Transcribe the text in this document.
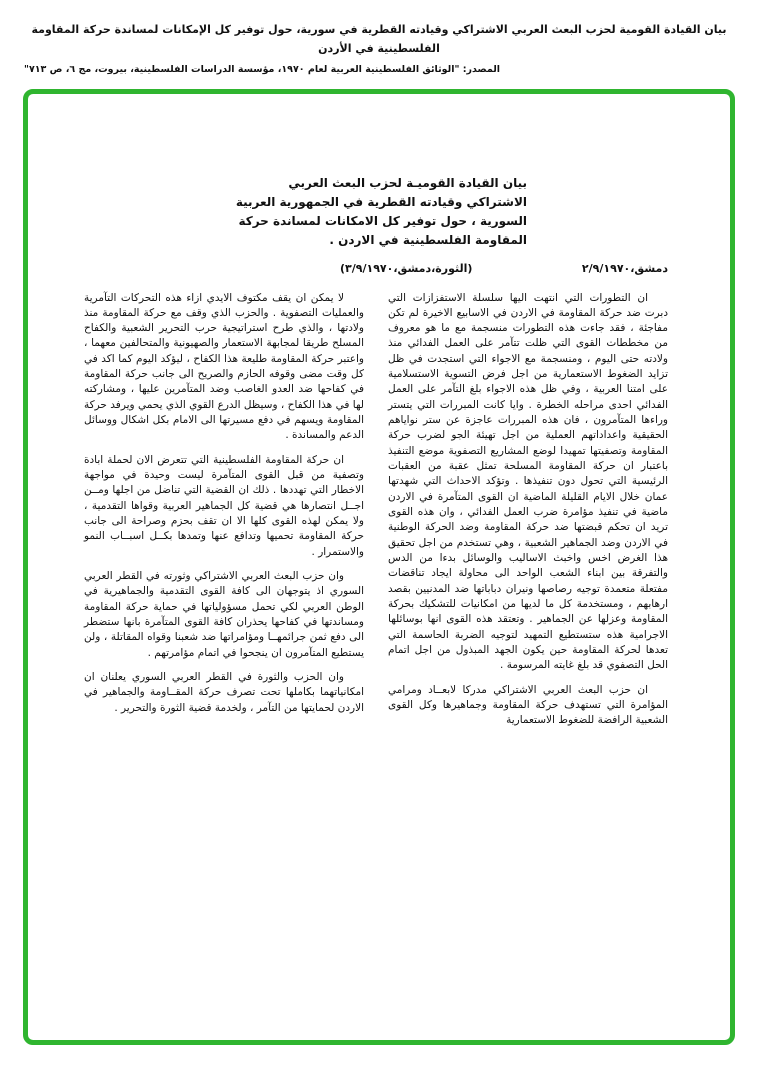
بيان القيادة القومية لحزب البعث العربي الاشتراكي وقيادته القطرية في سورية، حول توفير كل الإمكانات لمساندة حركة المقاومة الفلسطينية في الأردن
المصدر: "الوثائق الفلسطينية العربية لعام ١٩٧٠، مؤسسة الدراسات الفلسطينية، بيروت، مج ٦، ص ٧١٣"
بيان القيادة القوميـة لحزب البعث العربي الاشتراكي وقيادته القطرية في الجمهورية العربية السورية ، حول توفير كل الامكانات لمساندة حركة المقاومة الفلسطينية في الاردن .
دمشق،٢/٩/١٩٧٠
(الثورة،دمشق،٣/٩/١٩٧٠)

ان التطورات التي انتهت اليها سلسلة الاستفزازات التي دبرت ضد حركة المقاومة في الاردن في الاسابيع الاخيرة لم تكن مفاجئة ، فقد جاءت هذه التطورات منسجمة مع ما هو معروف من مخططات القوى التي ظلت تتآمر على العمل الفدائي منذ ولادته حتى اليوم ، ومنسجمة مع الاجواء التي استجدت في ظل تزايد الضغوط الاستعمارية من اجل فرض التسوية الاستسلامية على امتنا العربية ، وفي ظل هذه الاجواء بلغ التآمر على العمل الفدائي احدى مراحله الخطرة . وايا كانت المبررات التي يتستر وراءها المتآمرون ، فان هذه المبررات عاجزة عن ستر نواياهم الحقيقية واعداداتهم العملية من اجل تهيئة الجو لضرب حركة المقاومة وتصفيتها تمهيدا لوضع المشاريع التصفوية موضع التنفيذ باعتبار ان حركة المقاومة المسلحة تمثل عقبة من العقبات الرئيسية التي تحول دون تنفيذها . وتؤكد الاحداث التي شهدتها عمان خلال الايام القليلة الماضية ان القوى المتآمرة في الاردن ماضية في تنفيذ مؤامرة ضرب العمل الفدائي ، وان هذه القوى تريد ان تحكم قبضتها ضد حركة المقاومة وضد الحركة الوطنية في الاردن وضد الجماهير الشعبية ، وهي تستخدم من اجل تحقيق هذا الغرض اخس واخبث الاساليب والوسائل بدءا من الدس والتفرقة بين ابناء الشعب الواحد الى محاولة ايجاد تناقضات مفتعلة متعمدة توجيه رصاصها ونيران دباباتها ضد المدنيين بقصد ارهابهم ، ومستخدمة كل ما لديها من امكانيات للتشكيك بحركة المقاومة وعزلها عن الجماهير . وتعتقد هذه القوى انها بوسائلها الاجرامية هذه ستستطيع التمهيد لتوجيه الضربة الحاسمة التي تعدها لحركة المقاومة حين يكون الجهد المبذول من اجل اتمام الحل التصفوي قد بلغ غايته المرسومة .

ان حزب البعث العربي الاشتراكي مدركا لابعــاد ومرامي المؤامرة التي تستهدف حركة المقاومة وجماهيرها وكل القوى الشعبية الرافضة للضغوط الاستعمارية

لا يمكن ان يقف مكتوف الايدي ازاء هذه التحركات التآمرية والعمليات التصفوية . والحزب الذي وقف مع حركة المقاومة منذ ولادتها ، والذي طرح استراتيجية حرب التحرير الشعبية والكفاح المسلح طريقا لمجابهة الاستعمار والصهيونية والمتحالفين معهما ، واعتبر حركة المقاومة طليعة هذا الكفاح ، ليؤكد اليوم كما اكد في كل وقت مضى وقوفه الحازم والصريح الى جانب حركة المقاومة في كفاحها ضد العدو الغاصب وضد المتآمرين عليها ، ومشاركته لها في هذا الكفاح ، وسيظل الدرع القوي الذي يحمي ويرفد حركة المقاومة ويسهم في دفع مسيرتها الى الامام بكل اشكال ووسائل الدعم والمساندة .

ان حركة المقاومة الفلسطينية التي تتعرض الان لحملة ابادة وتصفية من قبل القوى المتآمرة ليست وحيدة في مواجهة الاخطار التي تهددها . ذلك ان القضية التي تناضل من اجلها ومــن اجــل انتصارها هي قضية كل الجماهير العربية وقواها التقدمية ، ولا يمكن لهذه القوى كلها الا ان تقف بحزم وصراحة الى جانب حركة المقاومة تحميها وتدافع عنها وتمدها بكــل اسبــاب النمو والاستمرار .

وان حزب البعث العربي الاشتراكي وثورته في القطر العربي السوري اذ يتوجهان الى كافة القوى التقدمية والجماهيرية في الوطن العربي لكي تحمل مسؤولياتها في حماية حركة المقاومة ومساندتها في كفاحها يحذران كافة القوى المتآمرة بانها ستضطر الى دفع ثمن جرائمهــا ومؤامراتها ضد شعبنا وقواه المقاتلة ، ولن يستطيع المتآمرون ان ينجحوا في اتمام مؤامرتهم .

وان الحزب والثورة في القطر العربي السوري يعلنان ان امكانياتهما بكاملها تحت تصرف حركة المقــاومة والجماهير في الاردن لحمايتها من التآمر ، ولخدمة قضية الثورة والتحرير .
